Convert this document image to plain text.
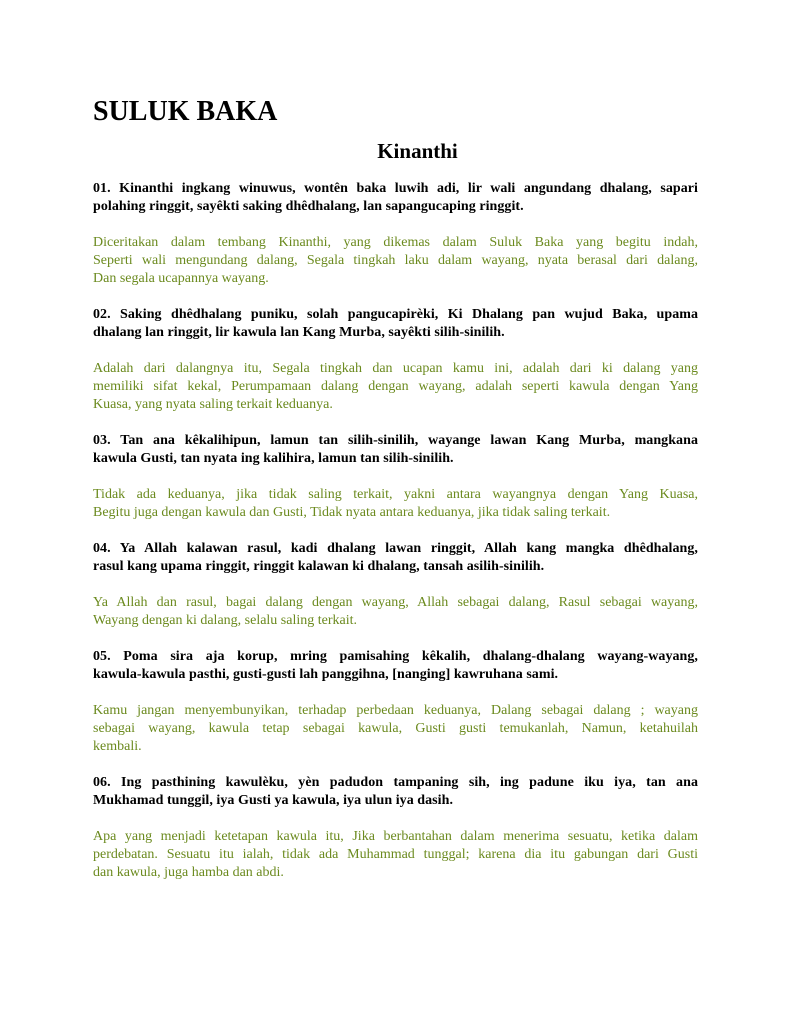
SULUK BAKA
Kinanthi

01. Kinanthi ingkang winuwus, wontên baka luwih adi, lir wali angundang dhalang, sapari
polahing ringgit, sayêkti saking dhêdhalang, lan sapangucaping ringgit.

Diceritakan dalam tembang Kinanthi, yang dikemas dalam Suluk Baka yang begitu indah,
Seperti wali mengundang dalang, Segala tingkah laku dalam wayang, nyata berasal dari dalang,
Dan segala ucapannya wayang.

02. Saking dhêdhalang puniku, solah pangucapirèki, Ki Dhalang pan wujud Baka, upama
dhalang lan ringgit, lir kawula lan Kang Murba, sayêkti silih-sinilih.

Adalah dari dalangnya itu, Segala tingkah dan ucapan kamu ini, adalah dari ki dalang yang
memiliki sifat kekal, Perumpamaan dalang dengan wayang, adalah seperti kawula dengan Yang
Kuasa, yang nyata saling terkait keduanya.

03. Tan ana kêkalihipun, lamun tan silih-sinilih, wayange lawan Kang Murba, mangkana
kawula Gusti, tan nyata ing kalihira, lamun tan silih-sinilih.

Tidak ada keduanya, jika tidak saling terkait, yakni antara wayangnya dengan Yang Kuasa,
Begitu juga dengan kawula dan Gusti, Tidak nyata antara keduanya, jika tidak saling terkait.

04. Ya Allah kalawan rasul, kadi dhalang lawan ringgit, Allah kang mangka dhêdhalang,
rasul kang upama ringgit, ringgit kalawan ki dhalang, tansah asilih-sinilih.

Ya Allah dan rasul, bagai dalang dengan wayang, Allah sebagai dalang, Rasul sebagai wayang,
Wayang dengan ki dalang, selalu saling terkait.

05. Poma sira aja korup, mring pamisahing kêkalih, dhalang-dhalang wayang-wayang,
kawula-kawula pasthi, gusti-gusti lah panggihna, [nanging] kawruhana sami.

Kamu jangan menyembunyikan, terhadap perbedaan keduanya, Dalang sebagai dalang ; wayang
sebagai wayang, kawula tetap sebagai kawula, Gusti gusti temukanlah, Namun, ketahuilah
kembali.

06. Ing pasthining kawulèku, yèn padudon tampaning sih, ing padune iku iya, tan ana
Mukhamad tunggil, iya Gusti ya kawula, iya ulun iya dasih.

Apa yang menjadi ketetapan kawula itu, Jika berbantahan dalam menerima sesuatu, ketika dalam
perdebatan. Sesuatu itu ialah, tidak ada Muhammad tunggal; karena dia itu gabungan dari Gusti
dan kawula, juga hamba dan abdi.
